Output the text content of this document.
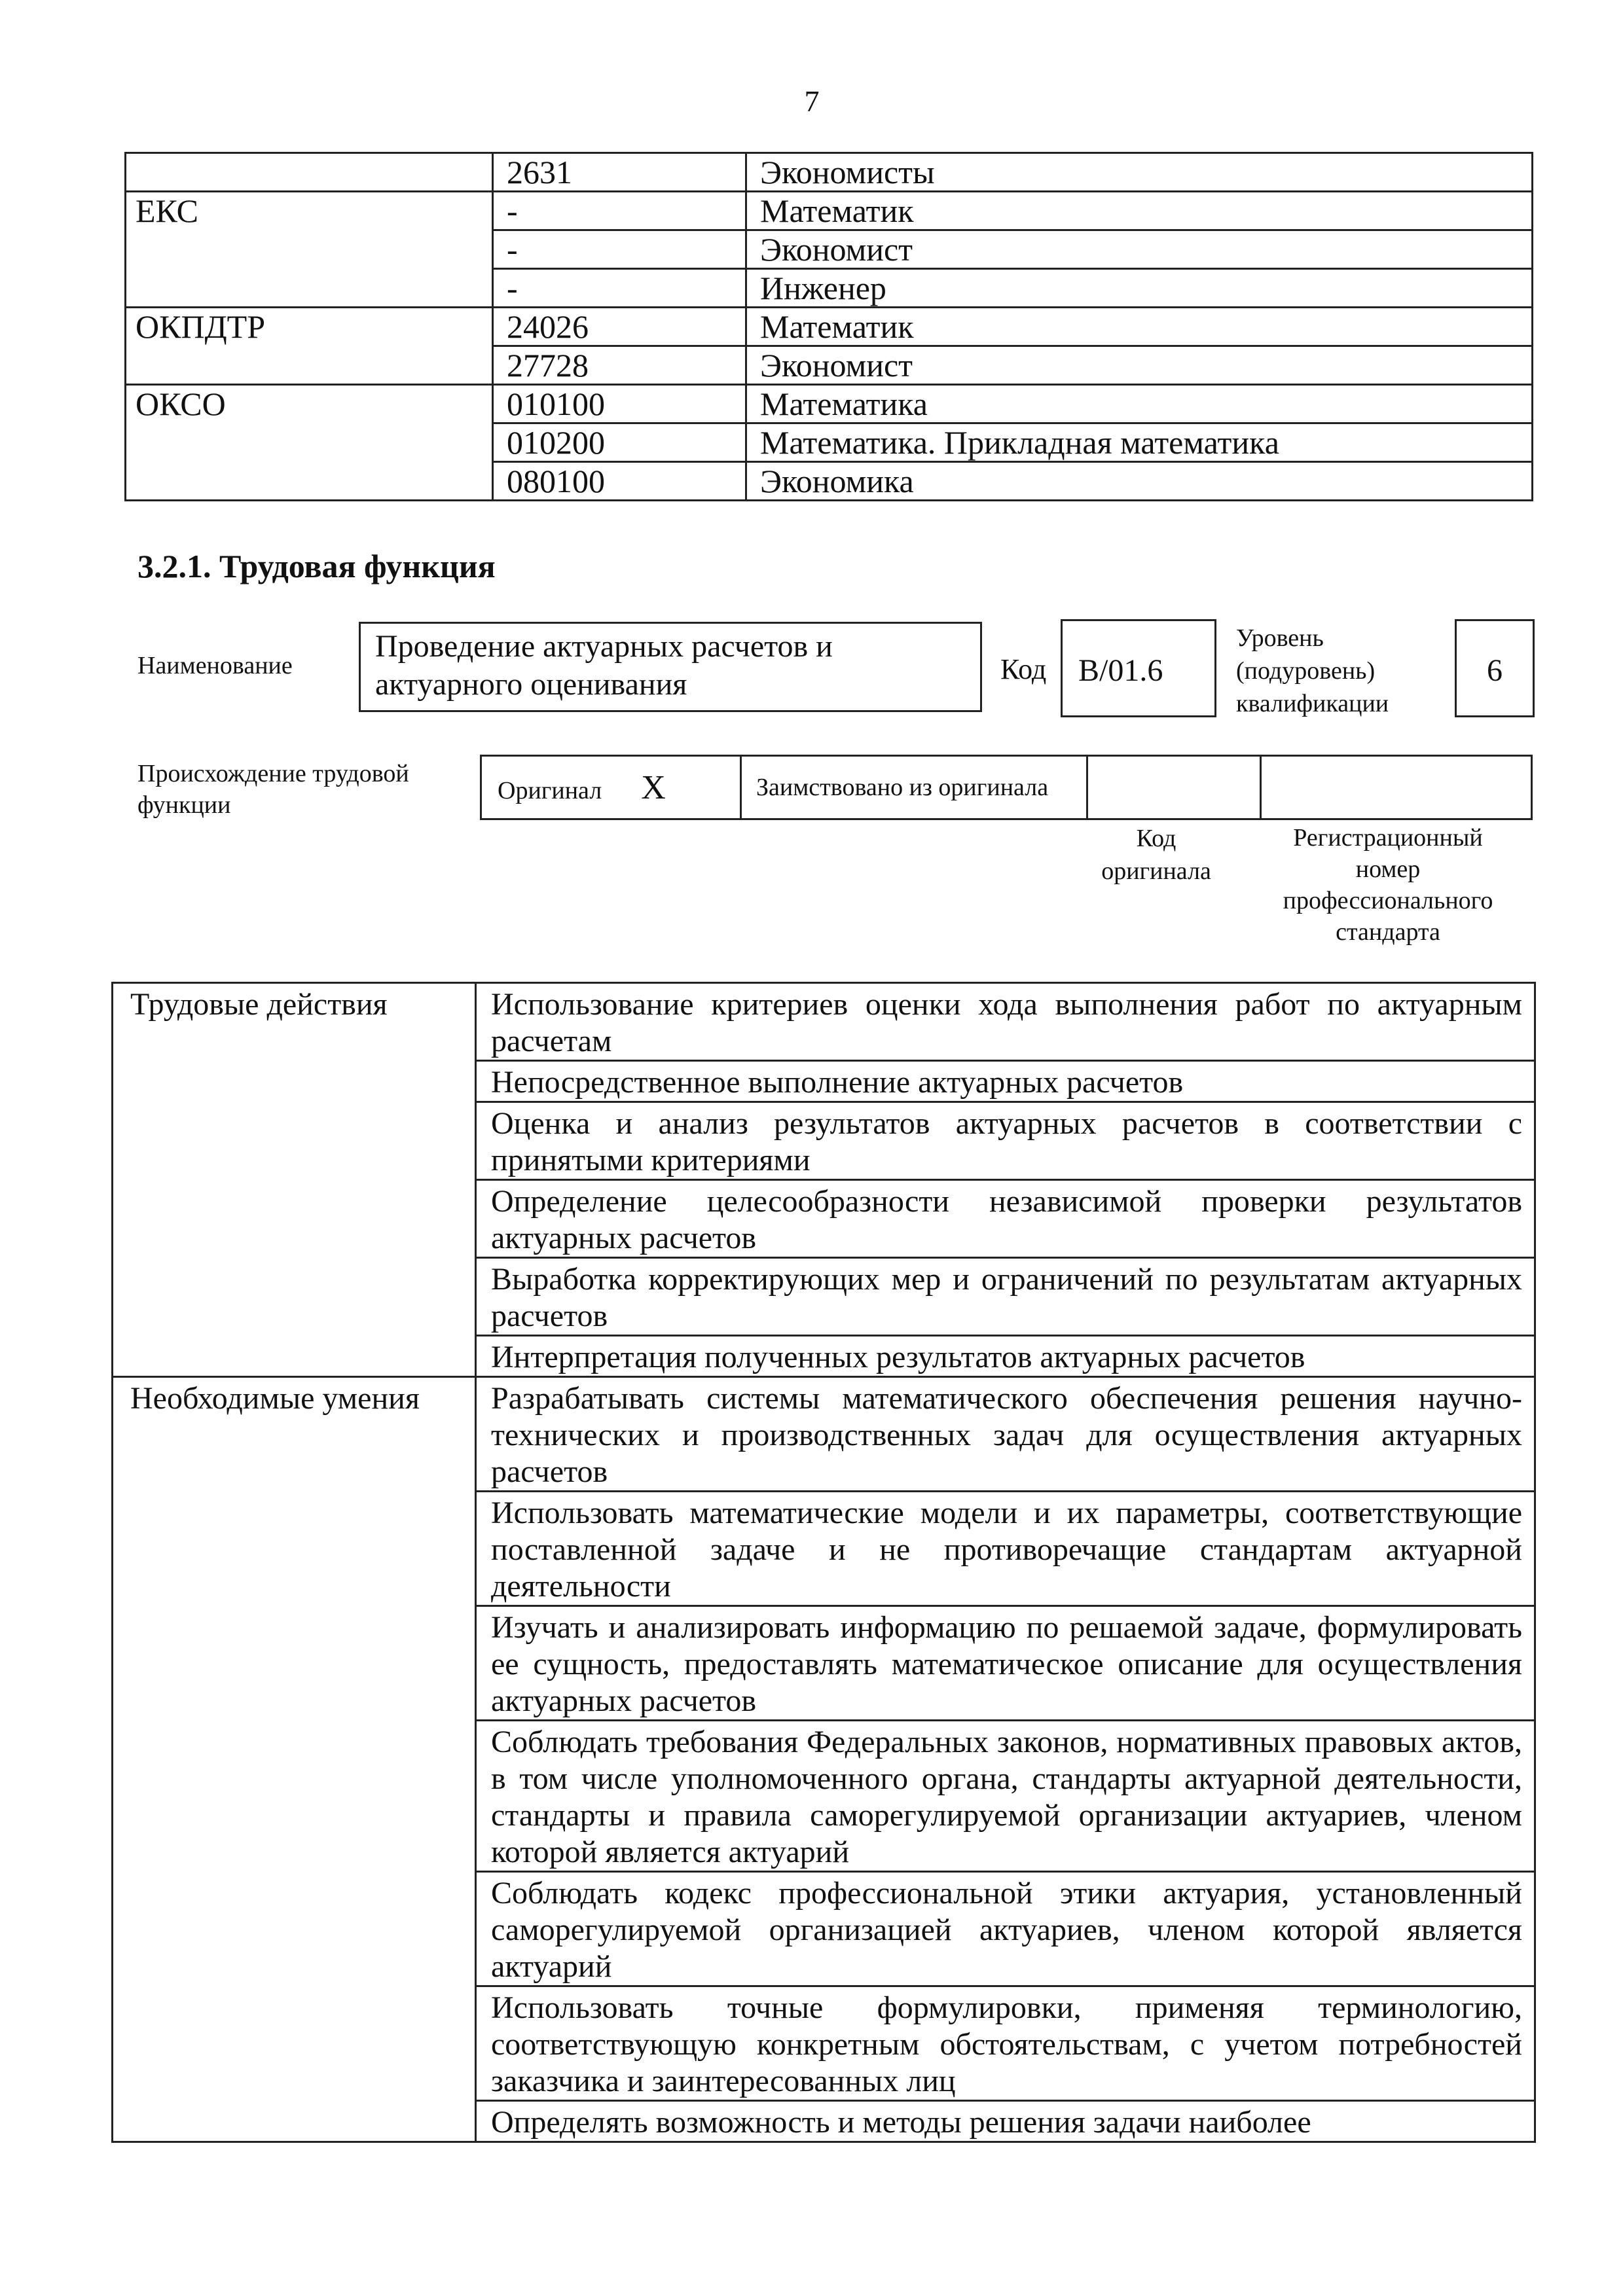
7
	2631	Экономисты
ЕКС	-	Математик
	-	Экономист
	-	Инженер
ОКПДТР	24026	Математик
	27728	Экономист
ОКСО	010100	Математика
	010200	Математика. Прикладная математика
	080100	Экономика
3.2.1. Трудовая функция
Наименование
Проведение актуарных расчетов и актуарного оценивания	Код	B/01.6
Уровень (подуровень) квалификации
6
Происхождение трудовой функции
Оригинал X	Заимствовано из оригинала		
Код оригинала
Регистрационный номер профессионального стандарта
Трудовые действия	Использование критериев оценки хода выполнения работ по актуарным расчетам
	Непосредственное выполнение актуарных расчетов
	Оценка и анализ результатов актуарных расчетов в соответствии с принятыми критериями
	Определение целесообразности независимой проверки результатов актуарных расчетов
	Выработка корректирующих мер и ограничений по результатам актуарных расчетов
	Интерпретация полученных результатов актуарных расчетов
Необходимые умения	Разрабатывать системы математического обеспечения решения научно-технических и производственных задач для осуществления актуарных расчетов
	Использовать математические модели и их параметры, соответствующие поставленной задаче и не противоречащие стандартам актуарной деятельности
	Изучать и анализировать информацию по решаемой задаче, формулировать ее сущность, предоставлять математическое описание для осуществления актуарных расчетов
	Соблюдать требования Федеральных законов, нормативных правовых актов, в том числе уполномоченного органа, стандарты актуарной деятельности, стандарты и правила саморегулируемой организации актуариев, членом которой является актуарий
	Соблюдать кодекс профессиональной этики актуария, установленный саморегулируемой организацией актуариев, членом которой является актуарий
	Использовать точные формулировки, применяя терминологию, соответствующую конкретным обстоятельствам, с учетом потребностей заказчика и заинтересованных лиц
	Определять возможность и методы решения задачи наиболее
